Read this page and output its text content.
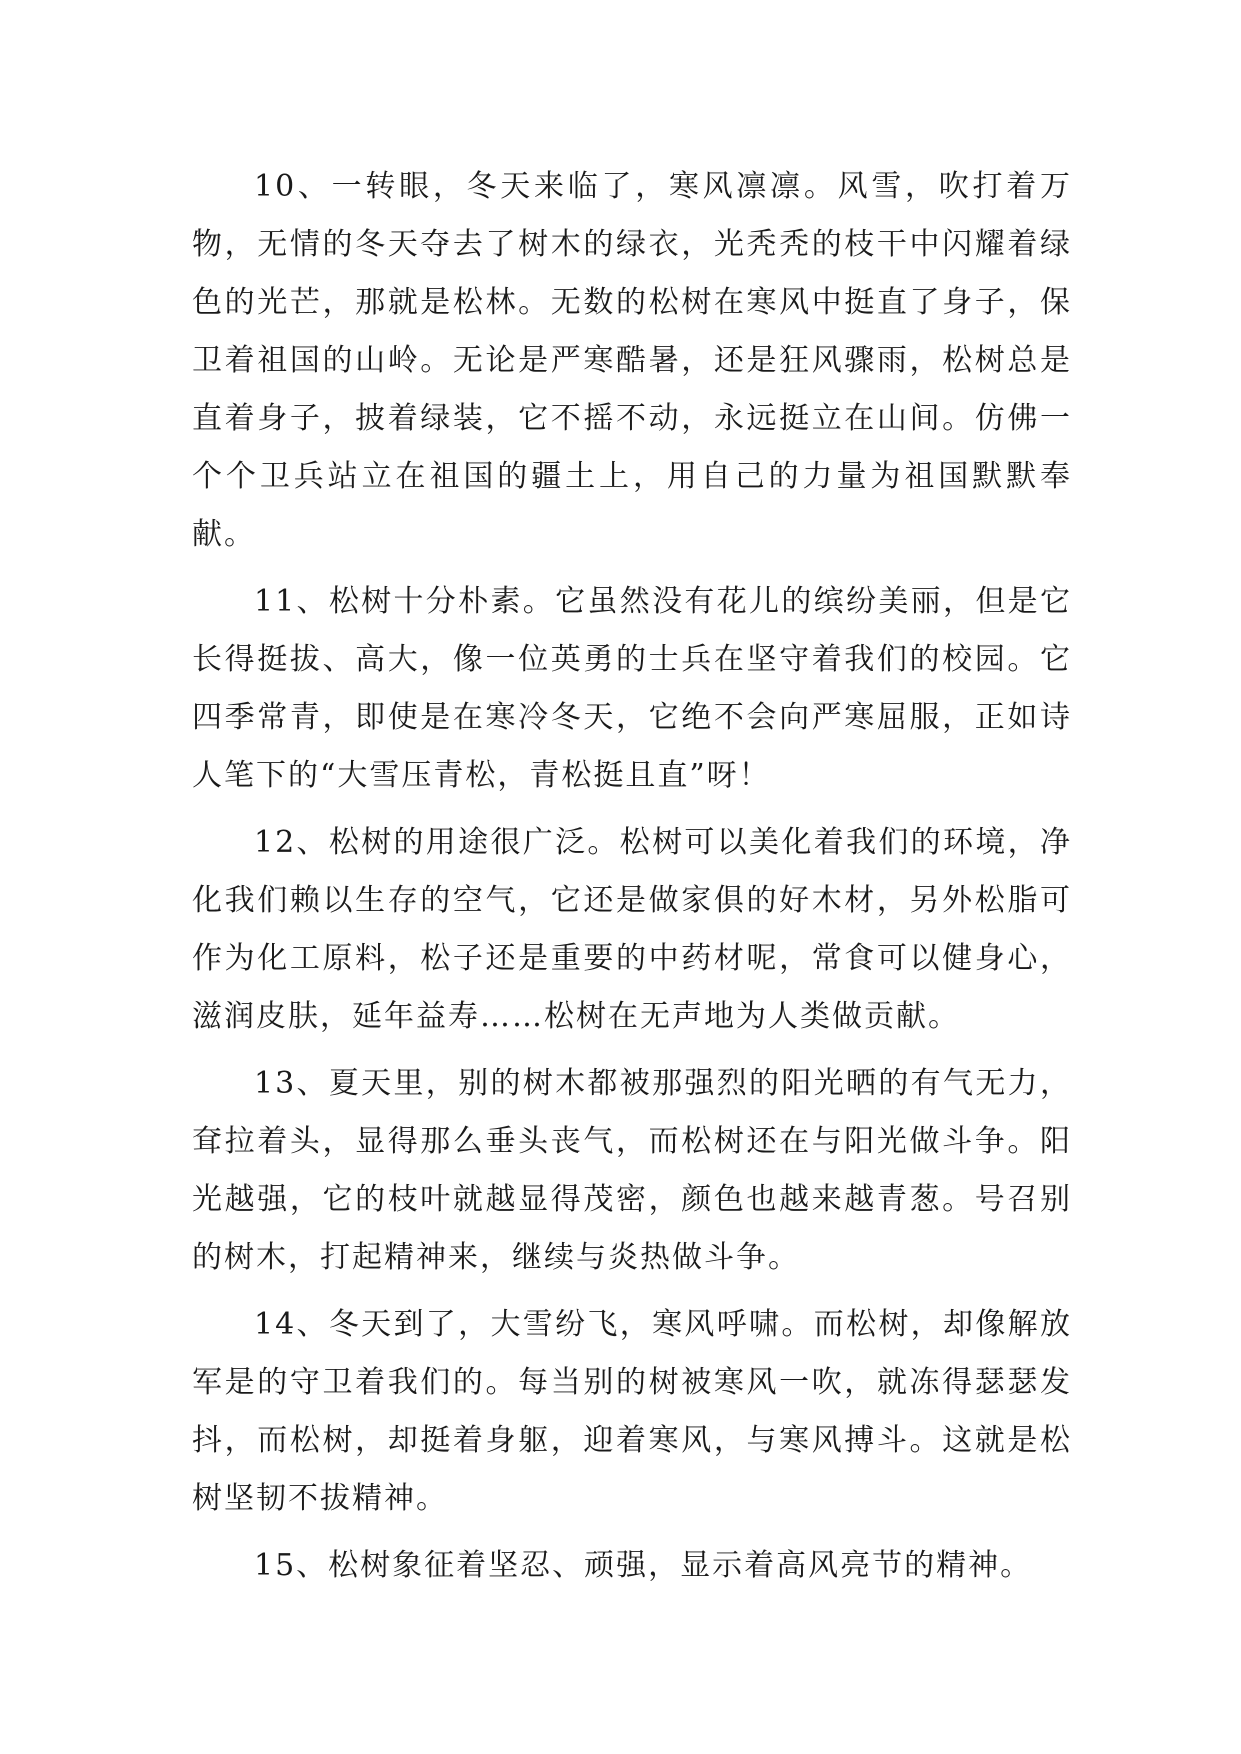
10、一转眼，冬天来临了，寒风凛凛。风雪，吹打着万物，无情的冬天夺去了树木的绿衣，光秃秃的枝干中闪耀着绿色的光芒，那就是松林。无数的松树在寒风中挺直了身子，保卫着祖国的山岭。无论是严寒酷暑，还是狂风骤雨，松树总是直着身子，披着绿装，它不摇不动，永远挺立在山间。仿佛一个个卫兵站立在祖国的疆土上，用自己的力量为祖国默默奉献。

11、松树十分朴素。它虽然没有花儿的缤纷美丽，但是它长得挺拔、高大，像一位英勇的士兵在坚守着我们的校园。它四季常青，即使是在寒冷冬天，它绝不会向严寒屈服，正如诗人笔下的“大雪压青松，青松挺且直”呀！

12、松树的用途很广泛。松树可以美化着我们的环境，净化我们赖以生存的空气，它还是做家俱的好木材，另外松脂可作为化工原料，松子还是重要的中药材呢，常食可以健身心，滋润皮肤，延年益寿……松树在无声地为人类做贡献。

13、夏天里，别的树木都被那强烈的阳光晒的有气无力，耷拉着头，显得那么垂头丧气，而松树还在与阳光做斗争。阳光越强，它的枝叶就越显得茂密，颜色也越来越青葱。号召别的树木，打起精神来，继续与炎热做斗争。

14、冬天到了，大雪纷飞，寒风呼啸。而松树，却像解放军是的守卫着我们的。每当别的树被寒风一吹，就冻得瑟瑟发抖，而松树，却挺着身躯，迎着寒风，与寒风搏斗。这就是松树坚韧不拔精神。

15、松树象征着坚忍、顽强，显示着高风亮节的精神。
